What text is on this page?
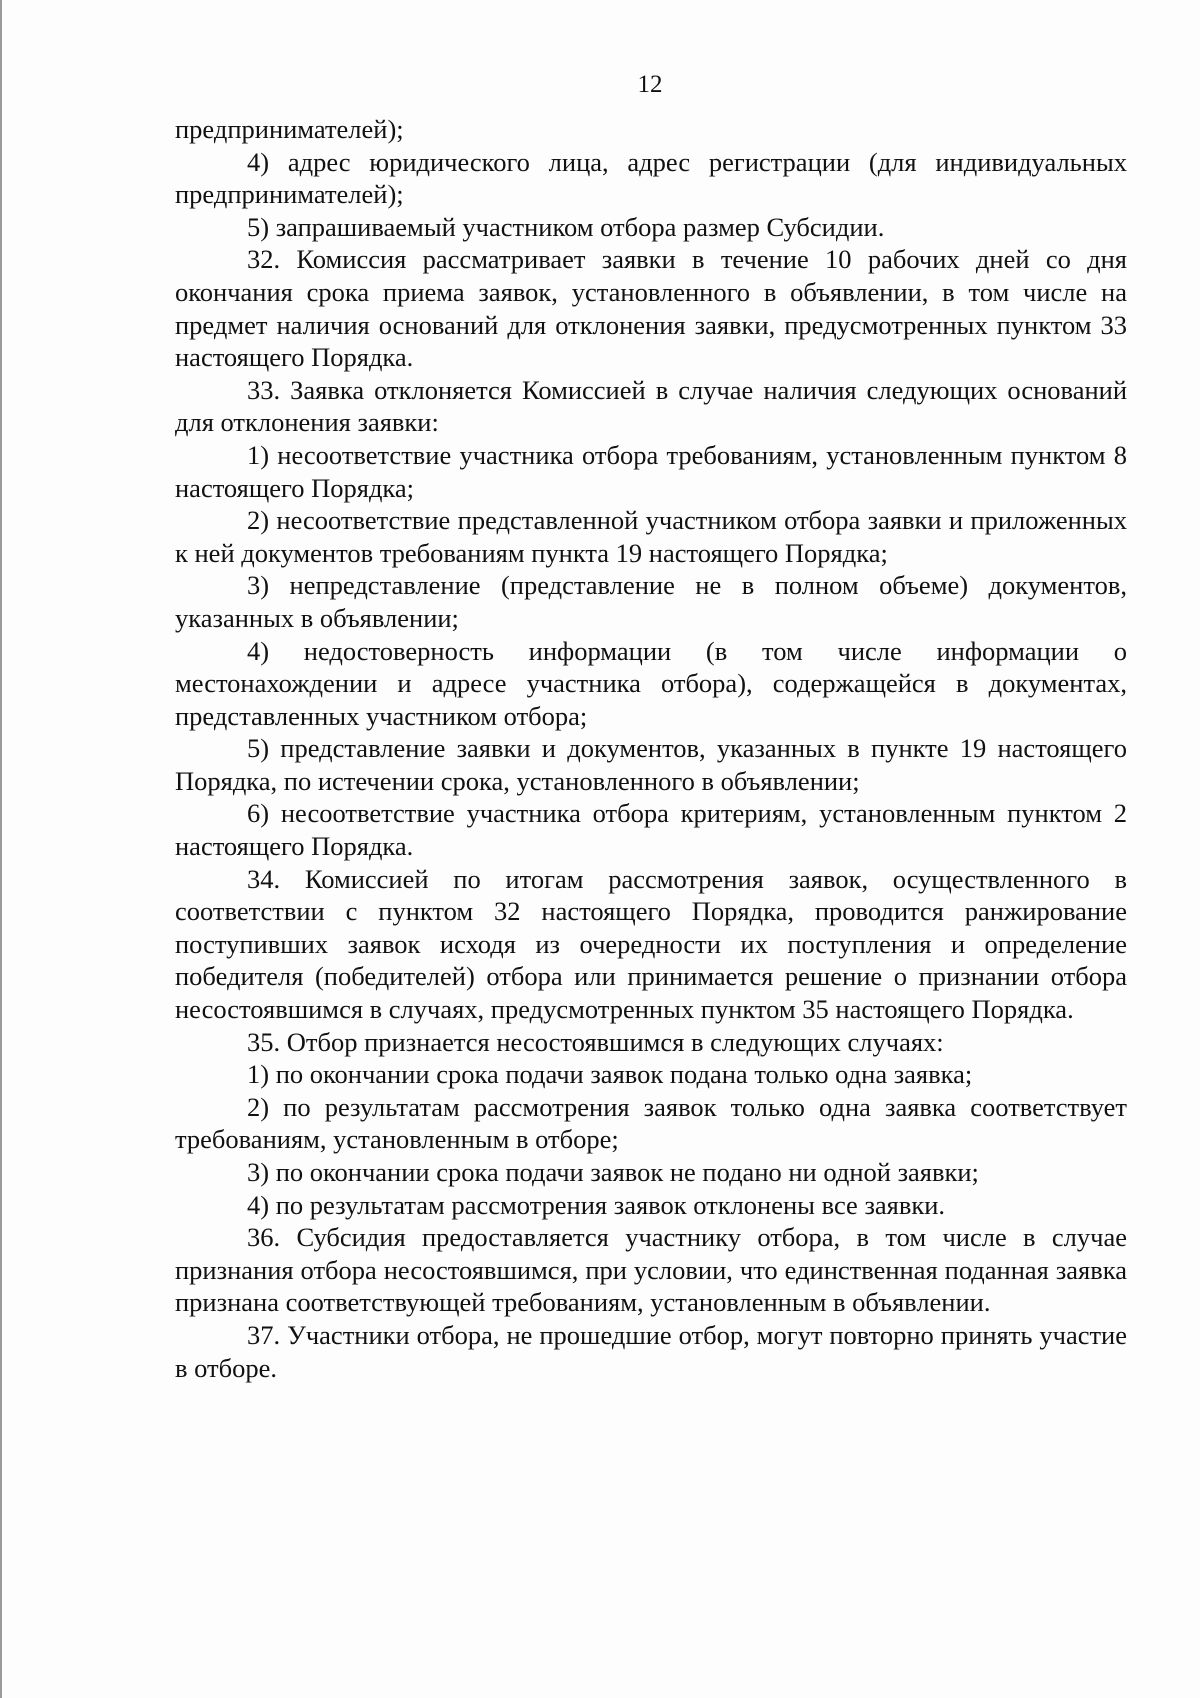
12

предпринимателей);

4) адрес юридического лица, адрес регистрации (для индивидуальных предпринимателей);

5) запрашиваемый участником отбора размер Субсидии.

32. Комиссия рассматривает заявки в течение 10 рабочих дней со дня окончания срока приема заявок, установленного в объявлении, в том числе на предмет наличия оснований для отклонения заявки, предусмотренных пунктом 33 настоящего Порядка.

33. Заявка отклоняется Комиссией в случае наличия следующих оснований для отклонения заявки:

1) несоответствие участника отбора требованиям, установленным пунктом 8 настоящего Порядка;

2) несоответствие представленной участником отбора заявки и приложенных к ней документов требованиям пункта 19 настоящего Порядка;

3) непредставление (представление не в полном объеме) документов, указанных в объявлении;

4) недостоверность информации (в том числе информации о местонахождении и адресе участника отбора), содержащейся в документах, представленных участником отбора;

5) представление заявки и документов, указанных в пункте 19 настоящего Порядка, по истечении срока, установленного в объявлении;

6) несоответствие участника отбора критериям, установленным пунктом 2 настоящего Порядка.

34. Комиссией по итогам рассмотрения заявок, осуществленного в соответствии с пунктом 32 настоящего Порядка, проводится ранжирование поступивших заявок исходя из очередности их поступления и определение победителя (победителей) отбора или принимается решение о признании отбора несостоявшимся в случаях, предусмотренных пунктом 35 настоящего Порядка.

35. Отбор признается несостоявшимся в следующих случаях:

1) по окончании срока подачи заявок подана только одна заявка;

2) по результатам рассмотрения заявок только одна заявка соответствует требованиям, установленным в отборе;

3) по окончании срока подачи заявок не подано ни одной заявки;

4) по результатам рассмотрения заявок отклонены все заявки.

36. Субсидия предоставляется участнику отбора, в том числе в случае признания отбора несостоявшимся, при условии, что единственная поданная заявка признана соответствующей требованиям, установленным в объявлении.

37. Участники отбора, не прошедшие отбор, могут повторно принять участие в отборе.
